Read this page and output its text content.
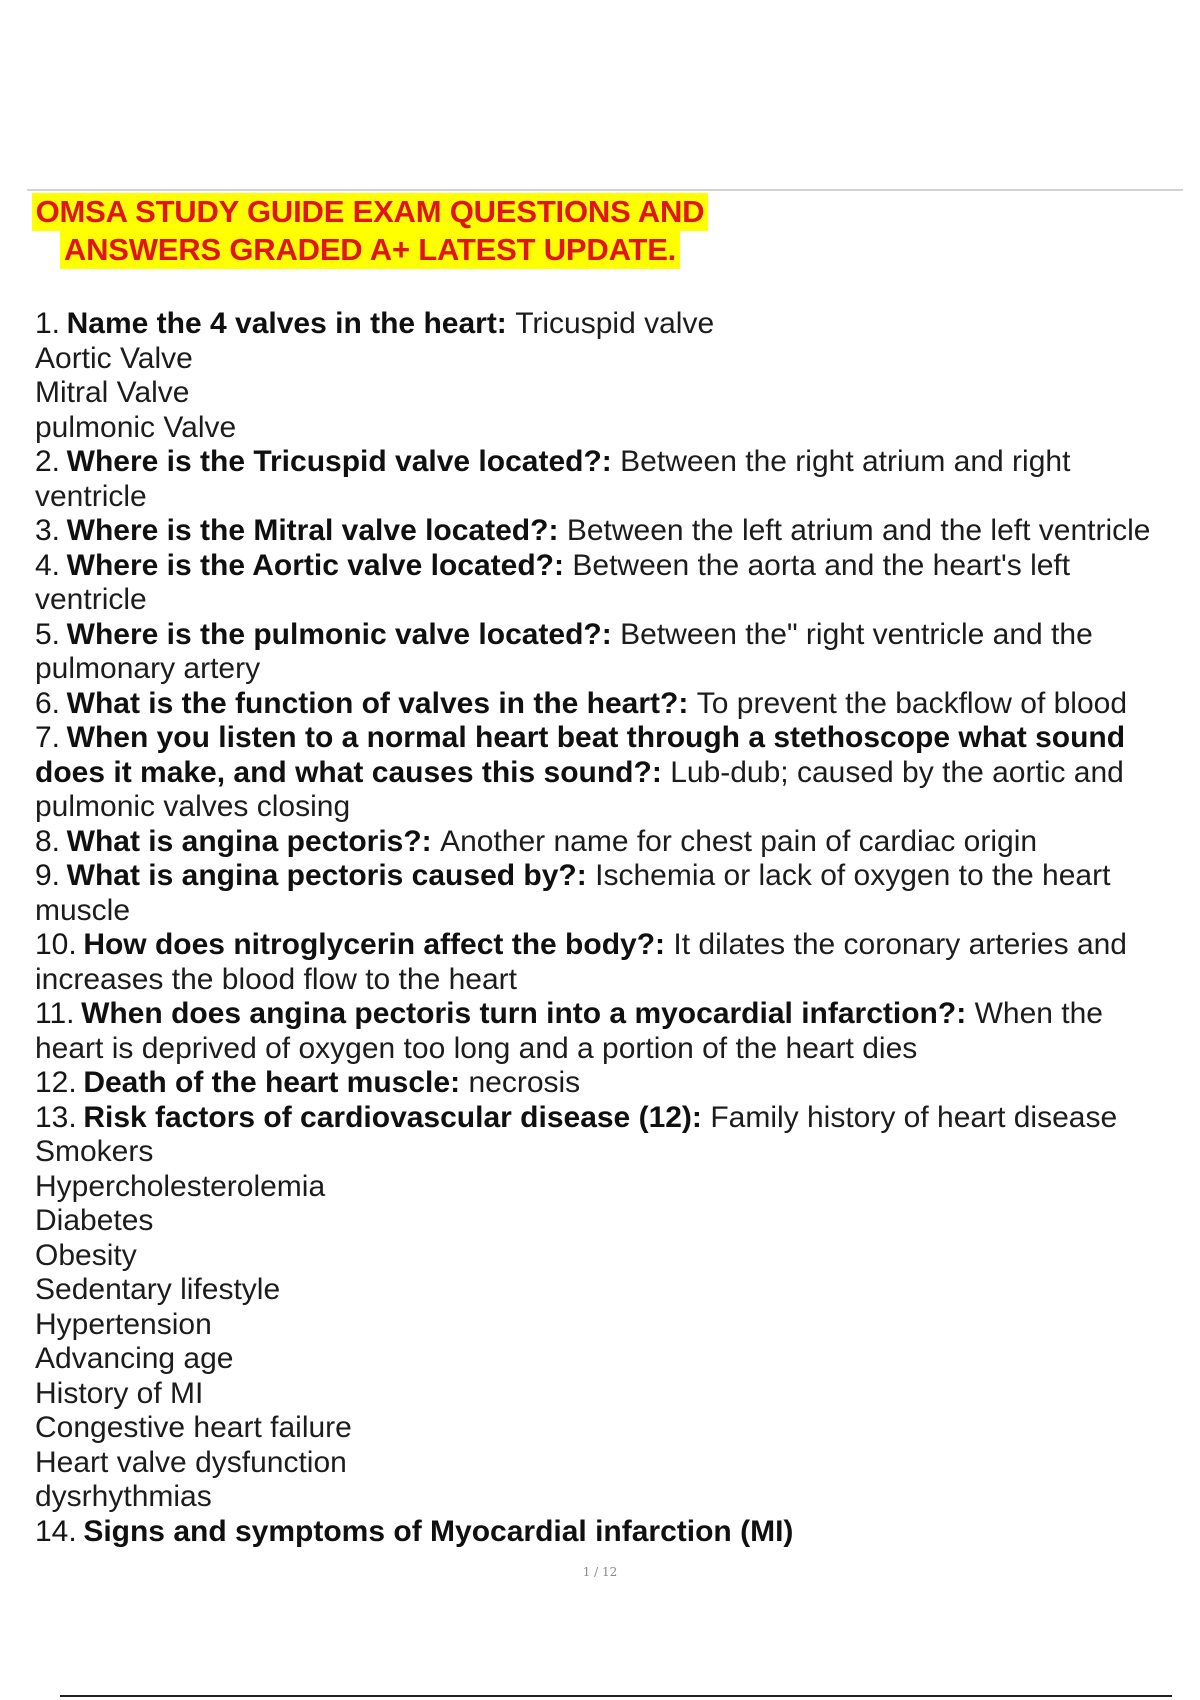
OMSA STUDY GUIDE EXAM QUESTIONS AND
ANSWERS GRADED A+ LATEST UPDATE.
1. Name the 4 valves in the heart: Tricuspid valve
Aortic Valve
Mitral Valve
pulmonic Valve
2. Where is the Tricuspid valve located?: Between the right atrium and right
ventricle
3. Where is the Mitral valve located?: Between the left atrium and the left ventricle
4. Where is the Aortic valve located?: Between the aorta and the heart's left
ventricle
5. Where is the pulmonic valve located?: Between the" right ventricle and the
pulmonary artery
6. What is the function of valves in the heart?: To prevent the backflow of blood
7. When you listen to a normal heart beat through a stethoscope what sound
does it make, and what causes this sound?: Lub-dub; caused by the aortic and
pulmonic valves closing
8. What is angina pectoris?: Another name for chest pain of cardiac origin
9. What is angina pectoris caused by?: Ischemia or lack of oxygen to the heart
muscle
10. How does nitroglycerin affect the body?: It dilates the coronary arteries and
increases the blood flow to the heart
11. When does angina pectoris turn into a myocardial infarction?: When the
heart is deprived of oxygen too long and a portion of the heart dies
12. Death of the heart muscle: necrosis
13. Risk factors of cardiovascular disease (12): Family history of heart disease
Smokers
Hypercholesterolemia
Diabetes
Obesity
Sedentary lifestyle
Hypertension
Advancing age
History of MI
Congestive heart failure
Heart valve dysfunction
dysrhythmias
14. Signs and symptoms of Myocardial infarction (MI)
1 / 12
